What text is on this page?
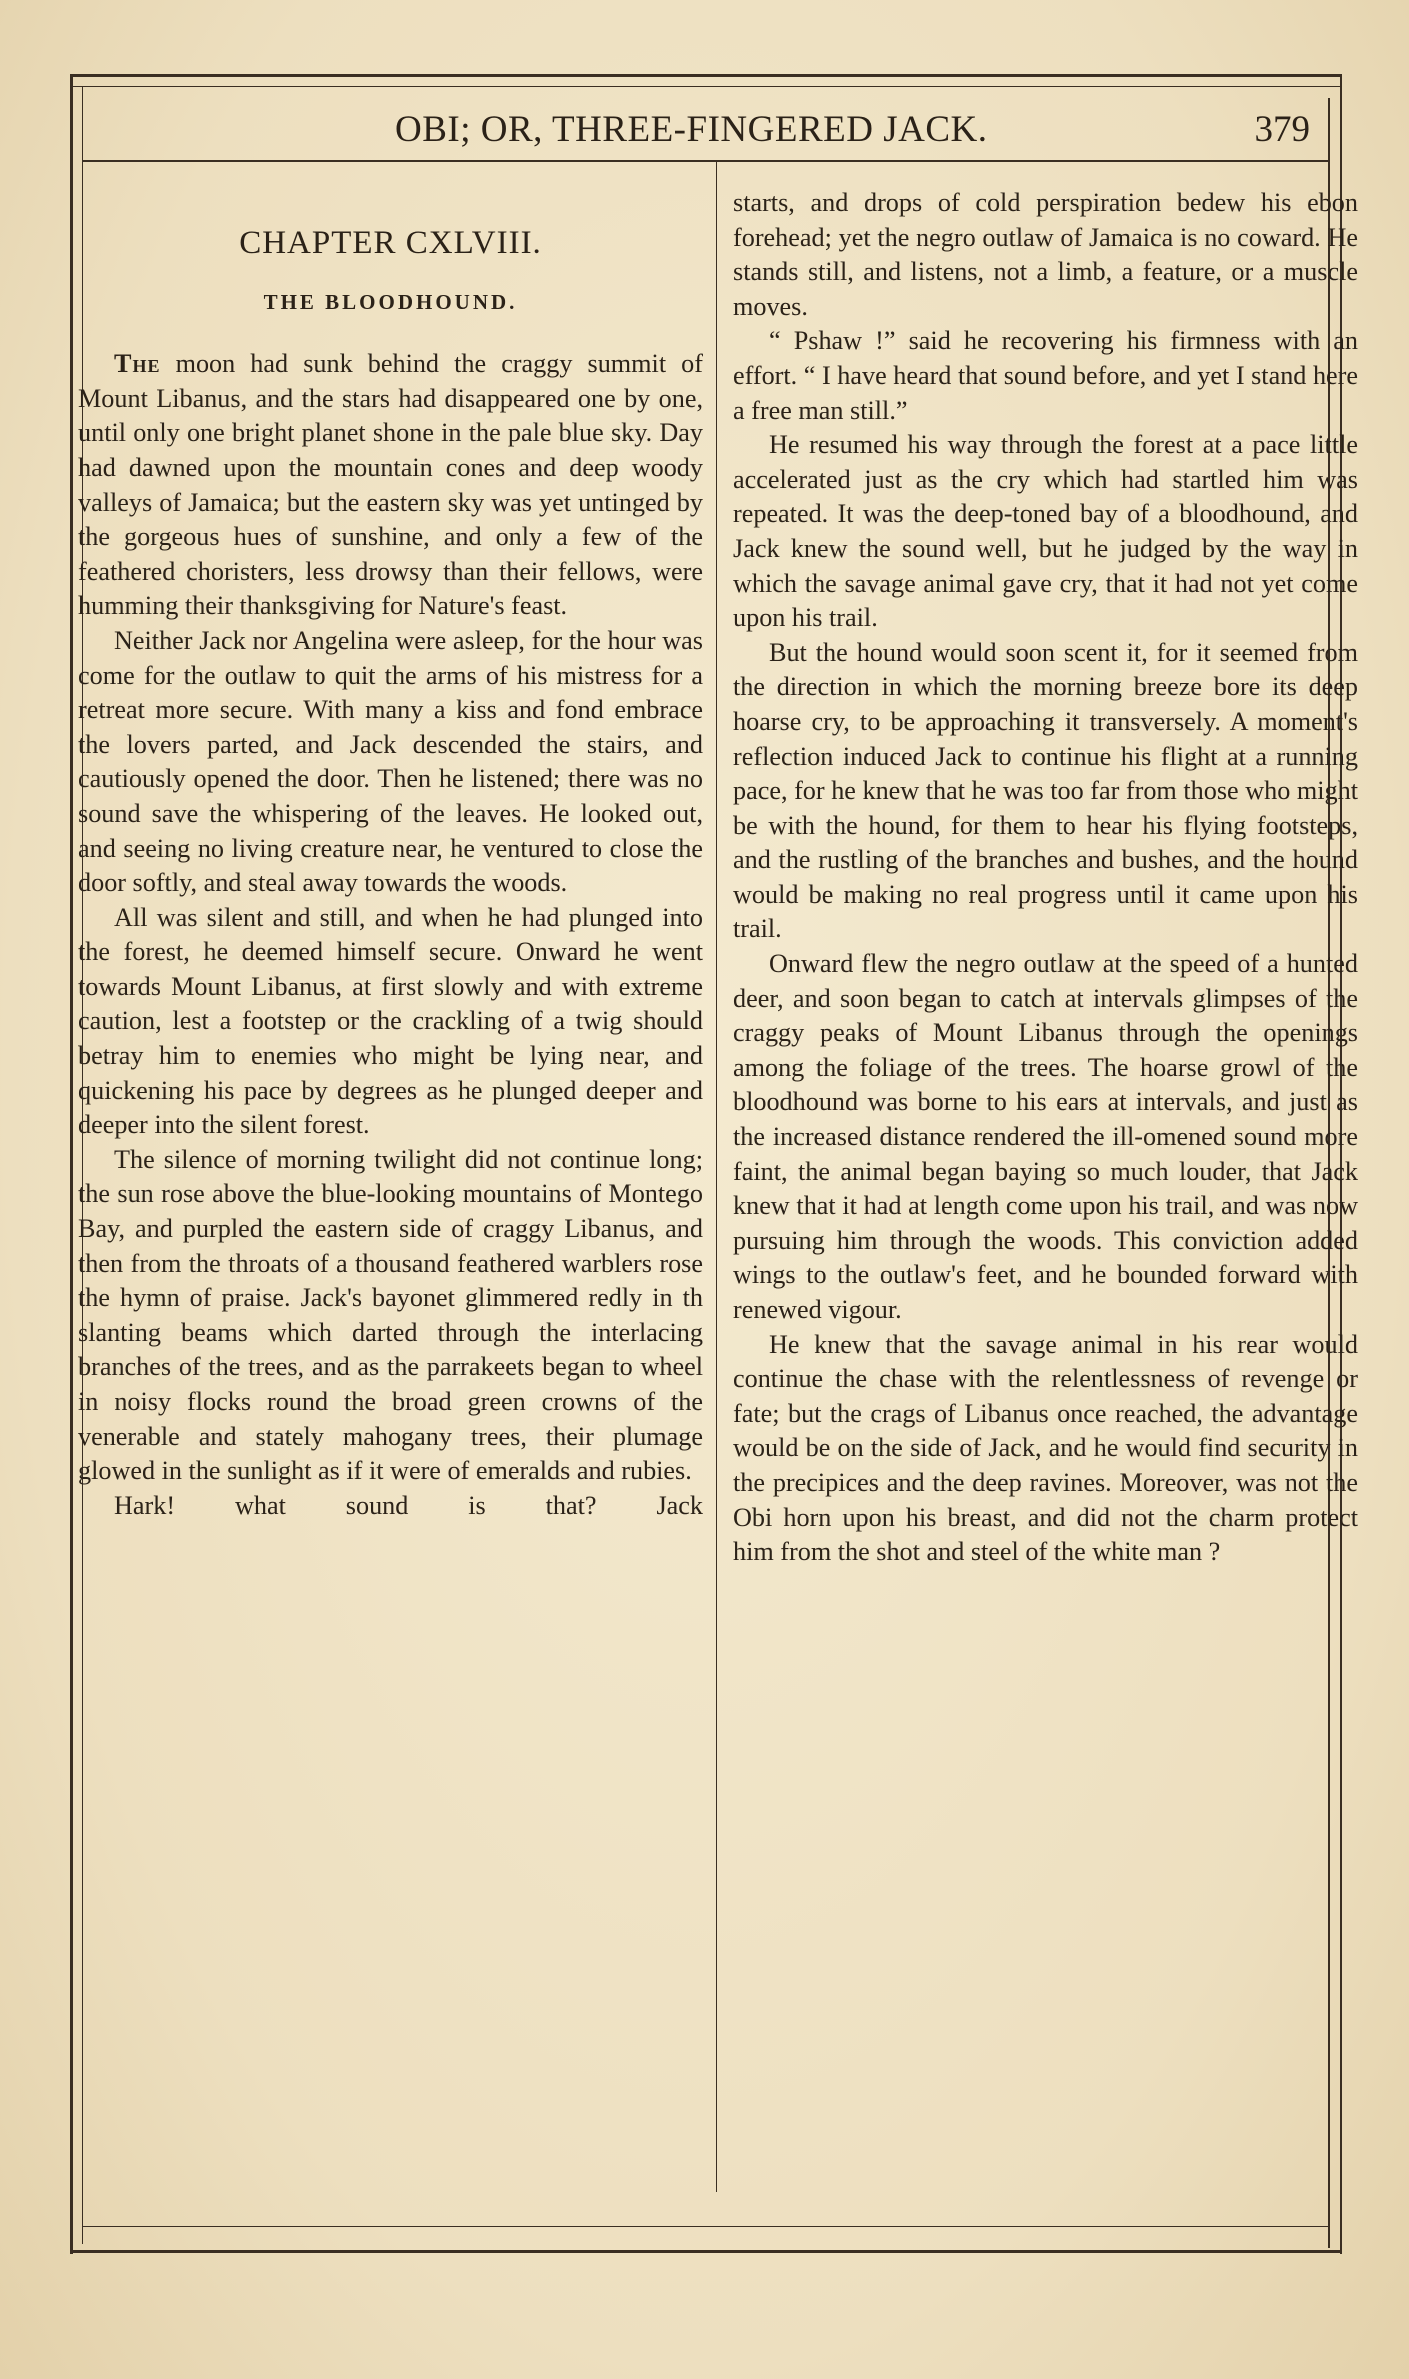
OBI; OR, THREE-FINGERED JACK.	379
CHAPTER CXLVIII.
THE BLOODHOUND.

The moon had sunk behind the craggy summit of Mount Libanus, and the stars had disappeared one by one, until only one bright planet shone in the pale blue sky. Day had dawned upon the mountain cones and deep woody valleys of Jamaica; but the eastern sky was yet untinged by the gorgeous hues of sunshine, and only a few of the feathered choristers, less drowsy than their fellows, were humming their thanksgiving for Nature's feast.

Neither Jack nor Angelina were asleep, for the hour was come for the outlaw to quit the arms of his mistress for a retreat more secure. With many a kiss and fond embrace the lovers parted, and Jack descended the stairs, and cautiously opened the door. Then he listened; there was no sound save the whispering of the leaves. He looked out, and seeing no living creature near, he ventured to close the door softly, and steal away towards the woods.

All was silent and still, and when he had plunged into the forest, he deemed himself secure. Onward he went towards Mount Libanus, at first slowly and with extreme caution, lest a footstep or the crackling of a twig should betray him to enemies who might be lying near, and quickening his pace by degrees as he plunged deeper and deeper into the silent forest.

The silence of morning twilight did not continue long; the sun rose above the blue-looking mountains of Montego Bay, and purpled the eastern side of craggy Libanus, and then from the throats of a thousand feathered warblers rose the hymn of praise. Jack's bayonet glimmered redly in th slanting beams which darted through the interlacing branches of the trees, and as the parrakeets began to wheel in noisy flocks round the broad green crowns of the venerable and stately mahogany trees, their plumage glowed in the sunlight as if it were of emeralds and rubies.

Hark! what sound is that? Jack

starts, and drops of cold perspiration bedew his ebon forehead; yet the negro outlaw of Jamaica is no coward. He stands still, and listens, not a limb, a feature, or a muscle moves.

“ Pshaw !” said he recovering his firmness with an effort. “ I have heard that sound before, and yet I stand here a free man still.”

He resumed his way through the forest at a pace little accelerated just as the cry which had startled him was repeated. It was the deep-toned bay of a bloodhound, and Jack knew the sound well, but he judged by the way in which the savage animal gave cry, that it had not yet come upon his trail.

But the hound would soon scent it, for it seemed from the direction in which the morning breeze bore its deep hoarse cry, to be approaching it transversely. A moment's reflection induced Jack to continue his flight at a running pace, for he knew that he was too far from those who might be with the hound, for them to hear his flying footsteps, and the rustling of the branches and bushes, and the hound would be making no real progress until it came upon his trail.

Onward flew the negro outlaw at the speed of a hunted deer, and soon began to catch at intervals glimpses of the craggy peaks of Mount Libanus through the openings among the foliage of the trees. The hoarse growl of the bloodhound was borne to his ears at intervals, and just as the increased distance rendered the ill-omened sound more faint, the animal began baying so much louder, that Jack knew that it had at length come upon his trail, and was now pursuing him through the woods. This conviction added wings to the outlaw's feet, and he bounded forward with renewed vigour.

He knew that the savage animal in his rear would continue the chase with the relentlessness of revenge or fate; but the crags of Libanus once reached, the advantage would be on the side of Jack, and he would find security in the precipices and the deep ravines. Moreover, was not the Obi horn upon his breast, and did not the charm protect him from the shot and steel of the white man ?
